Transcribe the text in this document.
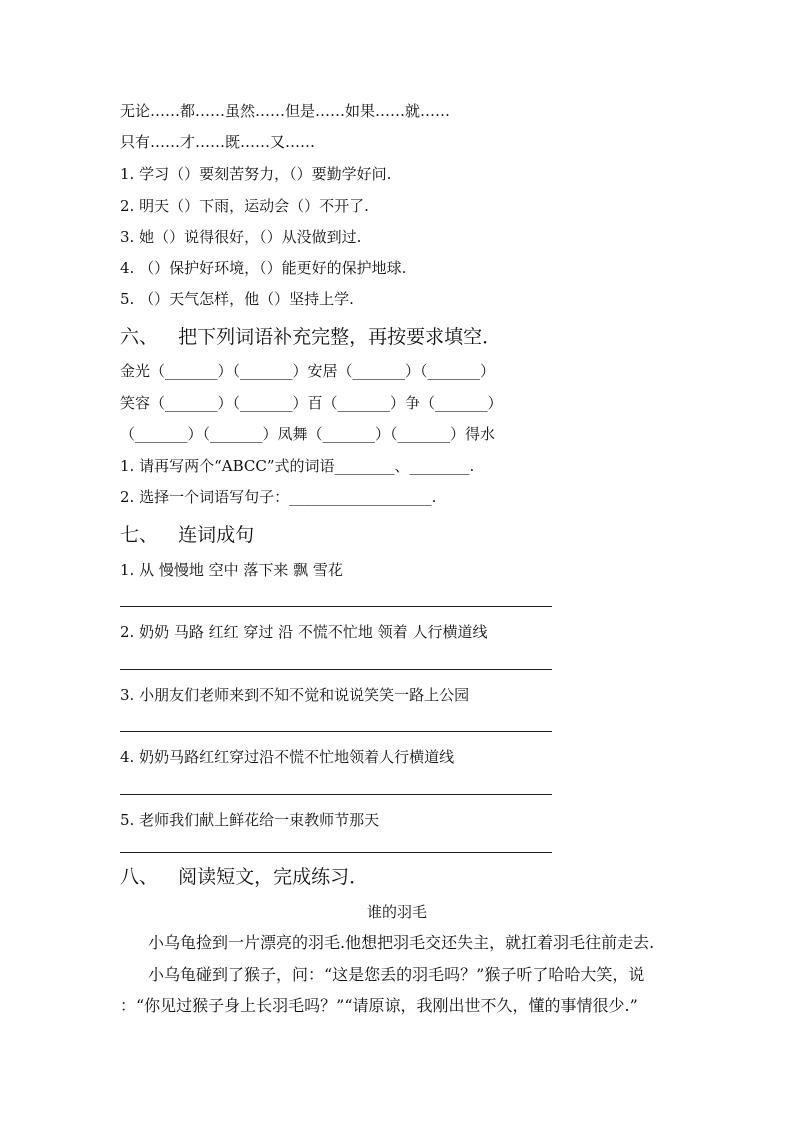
无论……都……虽然……但是……如果……就……
只有……才……既……又……
1. 学习（）要刻苦努力，（）要勤学好问.
2. 明天（）下雨，运动会（）不开了.
3. 她（）说得很好，（）从没做到过.
4. （）保护好环境，（）能更好的保护地球.
5. （）天气怎样，他（）坚持上学.
六、 把下列词语补充完整，再按要求填空．
金光（_______）（_______）安居（_______）（_______）
笑容（_______）（_______）百（_______）争（_______）
（_______）（_______）凤舞（_______）（_______）得水
1. 请再写两个“ABCC”式的词语________、________.
2. 选择一个词语写句子：___________________.
七、 连词成句
1. 从 慢慢地 空中 落下来 飘 雪花
2. 奶奶 马路 红红 穿过 沿 不慌不忙地 领着 人行横道线
3. 小朋友们老师来到不知不觉和说说笑笑一路上公园
4. 奶奶马路红红穿过沿不慌不忙地领着人行横道线
5. 老师我们献上鲜花给一束教师节那天
八、 阅读短文，完成练习．
谁的羽毛
小乌龟捡到一片漂亮的羽毛.他想把羽毛交还失主，就扛着羽毛往前走去.
小乌龟碰到了猴子，问：“这是您丢的羽毛吗？”猴子听了哈哈大笑，说
：“你见过猴子身上长羽毛吗？”“请原谅，我刚出世不久，懂的事情很少.”
